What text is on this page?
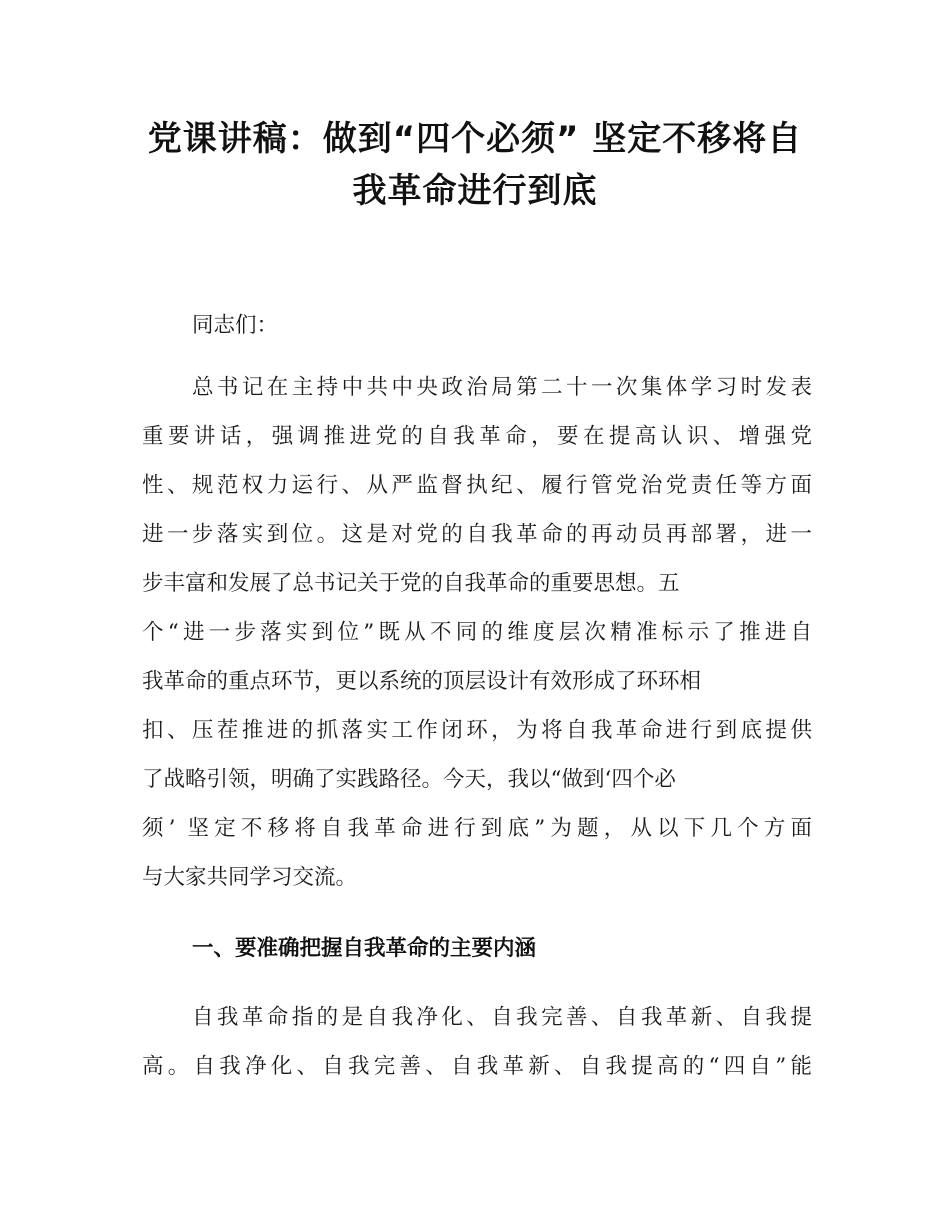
党课讲稿：做到“四个必须” 坚定不移将自
我革命进行到底

同志们：

总书记在主持中共中央政治局第二十一次集体学习时发表
重要讲话，强调推进党的自我革命，要在提高认识、增强党
性、规范权力运行、从严监督执纪、履行管党治党责任等方面
进一步落实到位。这是对党的自我革命的再动员再部署，进一
步丰富和发展了总书记关于党的自我革命的重要思想。五
个“进一步落实到位”既从不同的维度层次精准标示了推进自
我革命的重点环节，更以系统的顶层设计有效形成了环环相
扣、压茬推进的抓落实工作闭环，为将自我革命进行到底提供
了战略引领，明确了实践路径。今天，我以“做到‘四个必
须’ 坚定不移将自我革命进行到底”为题，从以下几个方面
与大家共同学习交流。

一、要准确把握自我革命的主要内涵

自我革命指的是自我净化、自我完善、自我革新、自我提
高。自我净化、自我完善、自我革新、自我提高的“四自”能
